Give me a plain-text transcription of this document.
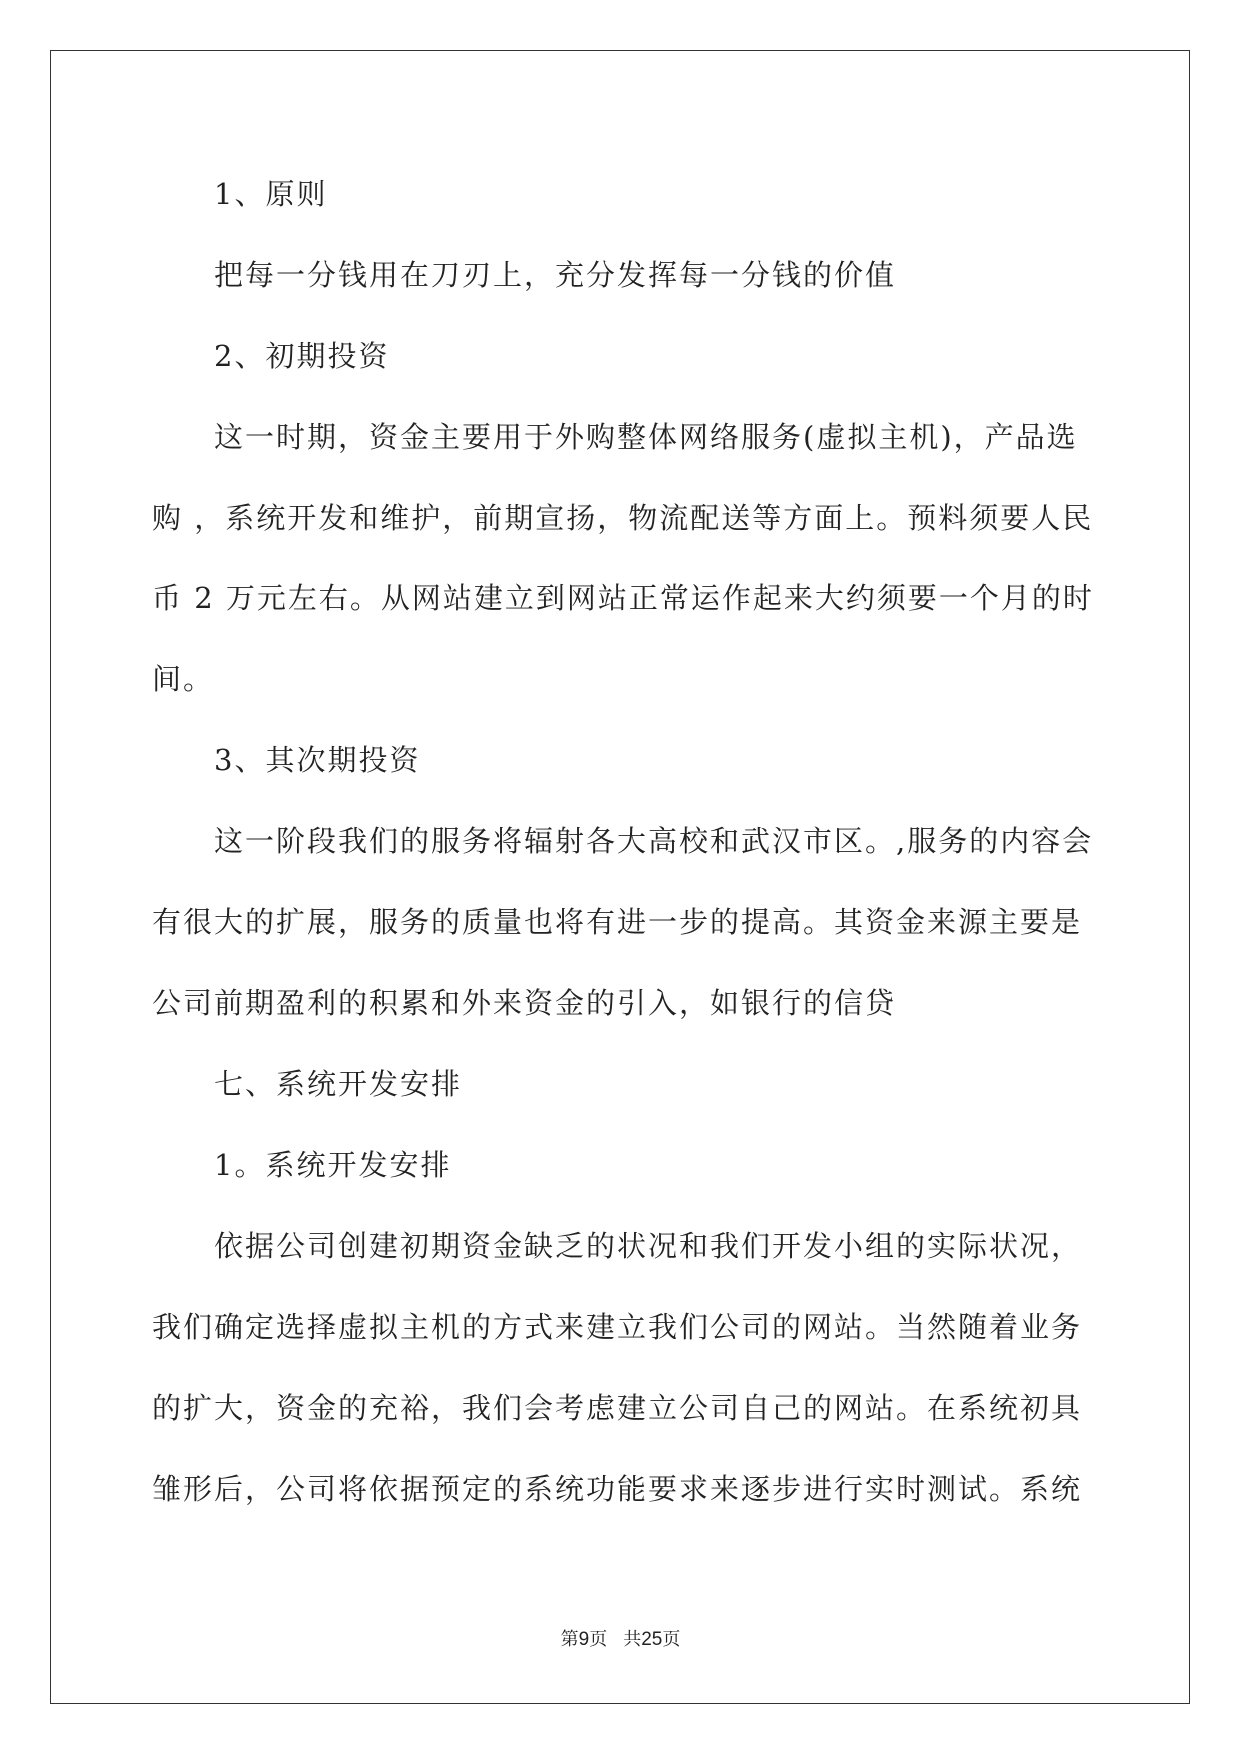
1、原则
把每一分钱用在刀刃上，充分发挥每一分钱的价值
2、初期投资
这一时期，资金主要用于外购整体网络服务(虚拟主机)，产品选
购 ，系统开发和维护，前期宣扬，物流配送等方面上。预料须要人民
币 2 万元左右。从网站建立到网站正常运作起来大约须要一个月的时
间。
3、其次期投资
这一阶段我们的服务将辐射各大高校和武汉市区。,服务的内容会
有很大的扩展，服务的质量也将有进一步的提高。其资金来源主要是
公司前期盈利的积累和外来资金的引入，如银行的信贷
七、系统开发安排
1。系统开发安排
依据公司创建初期资金缺乏的状况和我们开发小组的实际状况，
我们确定选择虚拟主机的方式来建立我们公司的网站。当然随着业务
的扩大，资金的充裕，我们会考虑建立公司自己的网站。在系统初具
雏形后，公司将依据预定的系统功能要求来逐步进行实时测试。系统
第9页 共25页
